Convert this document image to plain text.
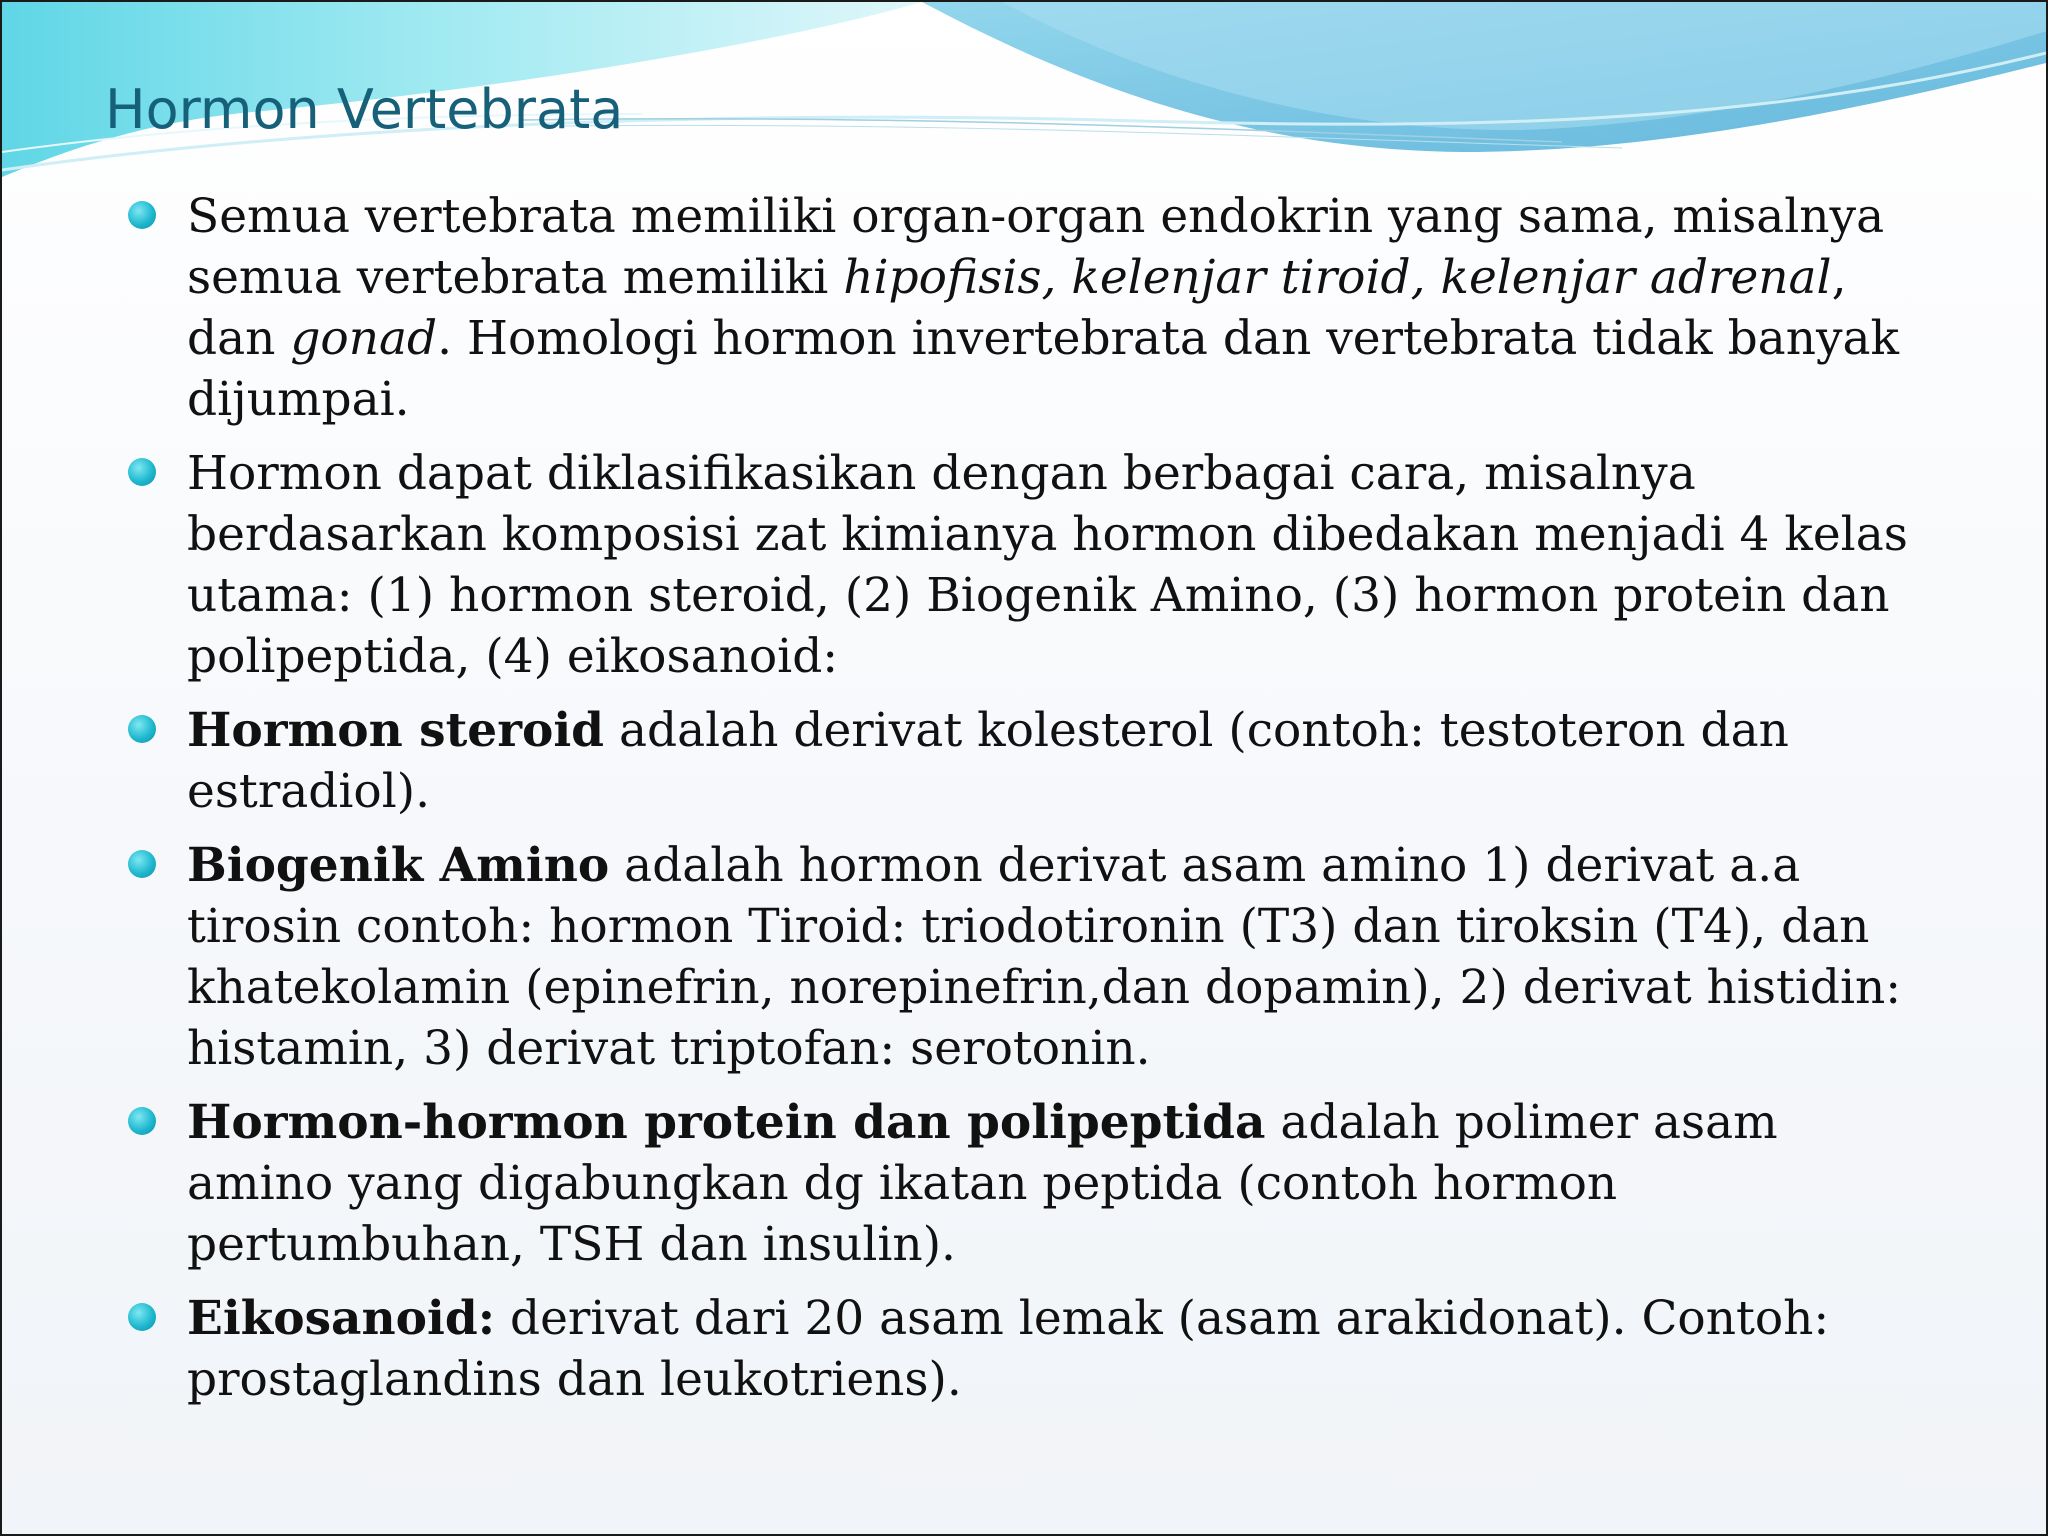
Hormon Vertebrata
Semua vertebrata memiliki organ-organ endokrin yang sama, misalnya semua vertebrata memiliki hipofisis, kelenjar tiroid, kelenjar adrenal, dan gonad. Homologi hormon invertebrata dan vertebrata tidak banyak dijumpai.
Hormon dapat diklasifikasikan dengan berbagai cara, misalnya berdasarkan komposisi zat kimianya hormon dibedakan menjadi 4 kelas utama: (1) hormon steroid, (2) Biogenik Amino, (3) hormon protein dan polipeptida, (4) eikosanoid:
Hormon steroid adalah derivat kolesterol (contoh: testoteron dan estradiol).
Biogenik Amino adalah hormon derivat asam amino 1) derivat a.a tirosin contoh: hormon Tiroid: triodotironin (T3) dan tiroksin (T4), dan khatekolamin (epinefrin, norepinefrin,dan dopamin), 2) derivat histidin: histamin, 3) derivat triptofan: serotonin.
Hormon-hormon protein dan polipeptida adalah polimer asam amino yang digabungkan dg ikatan peptida (contoh hormon pertumbuhan, TSH dan insulin).
Eikosanoid: derivat dari 20 asam lemak (asam arakidonat). Contoh: prostaglandins dan leukotriens).
